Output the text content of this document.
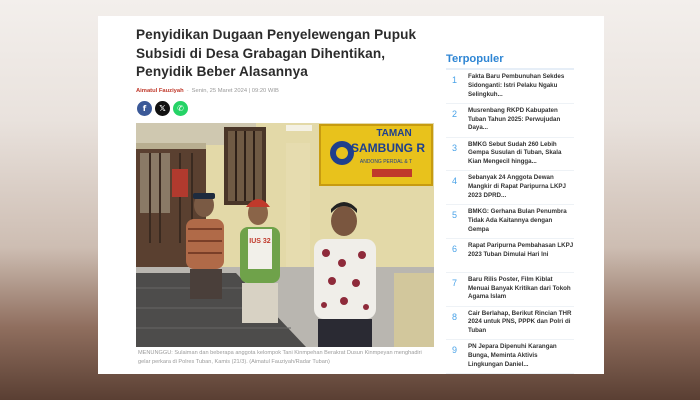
Penyidikan Dugaan Penyelewengan Pupuk Subsidi di Desa Grabagan Dihentikan, Penyidik Beber Alasannya
Aimatul Fauziyah - Senin, 25 Maret 2024 | 09:20 WIB
f	𝕏	✆
TAMAN
SAMBUNG R
ANDONG PERDAL & T
IUS 32

MENUNGGU: Sulaiman dan beberapa anggota kelompok Tani Kinmpehan Berakrat Dusun Kinmpeyan menghadiri gelar perkara di Polres Tuban, Kamis (21/3). (Aimatul Fauziyah/Radar Tuban)

Terpopuler
1	Fakta Baru Pembunuhan Sekdes Sidonganti: Istri Pelaku Ngaku Selingkuh...
2	Musrenbang RKPD Kabupaten Tuban Tahun 2025: Perwujudan Daya...
3	BMKG Sebut Sudah 260 Lebih Gempa Susulan di Tuban, Skala Kian Mengecil hingga...
4	Sebanyak 24 Anggota Dewan Mangkir di Rapat Paripurna LKPJ 2023 DPRD...
5	BMKG: Gerhana Bulan Penumbra Tidak Ada Kaitannya dengan Gempa
6	Rapat Paripurna Pembahasan LKPJ 2023 Tuban Dimulai Hari Ini
7	Baru Rilis Poster, Film Kiblat Menuai Banyak Kritikan dari Tokoh Agama Islam
8	Cair Berlahap, Berikut Rincian THR 2024 untuk PNS, PPPK dan Polri di Tuban
9	PN Jepara Dipenuhi Karangan Bunga, Meminta Aktivis Lingkungan Daniel...
